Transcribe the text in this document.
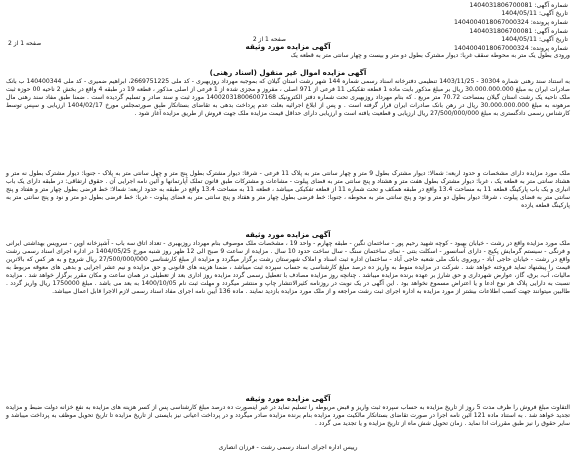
شماره آگهی: 1404031806700081
تاریخ آگهی: 1404/05/11
شماره پرونده: 1404004018067000324
صفحه 1 از 2	آگهی مزایده مورد وثیقه

ورودی بطول یک متر به محوطه سقف غربا: دیوار مشترک بطول دو متر و بیست و چهار سانتی متر به قطعه یک

آگهی مزایده اموال غیر منقول (اسناد رهنی)

به استناد سند رهنی شماره 30304 - 1403/11/25 تنظیمی دفترخانه اسناد رسمی شماره 144 شهر رشت استان گیلان که بموجبه مهرداد روزبهبری - کد ملی 2669751225، ابراهیم ضمیری - کد ملی 140400344 ب بانک صادرات ایران به مبلغ 30.000.000.000 ریال بر مبلغ مذکور بابت ماده 1 قطعه تفکیکی 11 فرعی از 971 اصلی ، مفروز و مجزی شده از 1 فرعی از اصلی مذکور ، قطعه 19 در طبقه 4 واقع در بخش 2 ناحیه 00 حوزه ثبت ملک ناحیه یک رشت استان گیلان بمساحت 70.72 متر مربع . که بنام مهرداد روزبهبری تحت شماره دفتر الکترونیک 140020318006007168 مورد ثبت و سند صادر و تسلیم گردیده است . ضمنا طبق مفاد سند رهنی مال مرهونه به مبلغ 30.000.000.000 ریال در رهن بانک صادرات ایران قرار گرفته است . و پس از ابلاغ اجرائیه بعلت عدم پرداخت بدهی به تقاضای بستانکار طبق صورتمجلس مورخ 1404/02/17 ارزیابی و سپس توسط کارشناس رسمی دادگستری به مبلغ 27/500/000/000 ریال ارزیابی و قطعیت یافته است و ارزیابی دارای حداقل قیمت مزایده ملک جهت فروش از طریق مزایده آغاز شود .

ملک مورد مزایده دارای مشخصات و حدود اربعه: شمالا: دیوار مشترک بطول 9 متر و چهار سانتی متر به پلاک 11 فرعی - شرقا: دیوار مشترک بطول پنج متر و چهل سانتی متر به پلاک - جنوبا: دیوار مشترک بطول نه متر و هشتاد سانتی متر به قطعه یک ، غربا: دیوار مشترک بطول هفت متر و هشتاد و پنج سانتی متر به فضای پیلوت - مشاعات و مشترکات طبق قانون تملک آپارتمانها و آئین نامه اجرایی آن . حقوق ارتفاقی: در طبقه دارای یک باب انباری و یک باب پارکینگ قطعه 11 به مساحت 13.4 واقع در طبقه همکف و تحت شماره 11 از قطعه تفکیکی میباشد ، قطعه 11 به مساحت 13.4 واقع در طبقه به حدود اربعه: شمالا: خط فرضی بطول چهار متر و هفتاد و پنج سانتی متر به فضای پیلوت ، شرقا: دیوار بطول دو متر و نود و پنج سانتی متر به محوطه ، جنوبا: خط فرضی بطول چهار متر و هفتاد و پنج سانتی متر به فضای پیلوت - غربا: خط فرضی بطول دو متر و نود و پنج سانتی متر به پارکینگ قطعه یازده

شماره آگهی: 1404031806700081
تاریخ آگهی: 1404/05/11
شماره پرونده: 1404004018067000324
صفحه 1 از 2
آگهی مزایده مورد وثیقه

ملک مورد مزایده واقع در رشت - خیابان بهبود - کوچه شهید رحیم پور - ساختمان نگین - طبقه چهارم - واحد 19 ، مشخصات ملک موصوف بنام مهرداد روزبهبری - تعداد اتاق سه باب - آشپزخانه اوپن - سرویس بهداشتی ایرانی و فرنگی - سیستم گرمایش پکیج - دارای آسانسور - اسکلت بتنی - نمای ساختمان سنگ - سال ساخت حدود 10 سال . مزایده از ساعت 9 صبح الی 12 ظهر روز شنبه مورخ 1404/05/25 در اداره اجرای اسناد رسمی رشت واقع در رشت - خیابان حاجی آباد - روبروی بانک ملی شعبه حاجی آباد - ساختمان اداره ثبت اسناد و املاک شهرستان رشت برگزار میگردد و مزایده از مبلغ کارشناسی 27/500/000/000 ریال شروع و به هر کس که بالاترین قیمت را پیشنهاد نماید فروخته خواهد شد . شرکت در مزایده منوط به واریز ده درصد مبلغ کارشناسی به حساب سپرده ثبت میباشد ، ضمنا هزینه های قانونی و حق مزایده و نیم عشر اجرایی و بدهی های معوقه مربوط به مالیات، آب، برق، گاز، عوارض شهرداری و حق شارژ بر عهده برنده مزایده میباشد . چنانچه روز مزایده مصادف با تعطیل رسمی گردد مزایده روز اداری بعد از تعطیلی در همان ساعت و مکان مقرر برگزار خواهد شد . مزایده نسبت به دارایی پلاک هر نوع ادعا و یا اعتراض مسموع نخواهد بود . این آگهی در یک نوبت در روزنامه کثیرالانتشار چاپ و منتشر میگردد و مهلت ثبت نام 1400/10/05 به بعد می باشد . مبلغ 1750000 ریال واریز گردد . طالبین میتوانند جهت کسب اطلاعات بیشتر از مورد مزایده به اداره اجرای ثبت رشت مراجعه و از ملک مورد مزایده بازدید نمایند . ماده 136 آیین نامه اجرای مفاد اسناد رسمی لازم الاجرا قابل اعمال میباشد.

آگهی مزایده مورد وثیقه

التفاوت مبلغ فروش را ظرف مدت 5 روز از تاریخ مزایده به حساب سپرده ثبت واریز و قبض مربوطه را تسلیم نماید در غیر اینصورت ده درصد مبلغ کارشناسی پس از کسر هزینه های مزایده به نفع خزانه دولت ضبط و مزایده تجدید خواهد شد . به استناد ماده 121 آئین نامه اجرا در صورت تقاضای بستانکار مالکیت مورد مزایده بنام برنده مزایده صادر میگردد و در پرداخت اعیانی نیز بایستی از تاریخ مزایده تا تاریخ تحویل موظف به پرداخت میباشد و سایر حقوق را نیز طبق مقررات ادا نماید . زمان تحویل شش ماه از تاریخ مزایده و یا تجدید می گردد .

رییس اداره اجرای اسناد رسمی رشت - فرزان انصاری
